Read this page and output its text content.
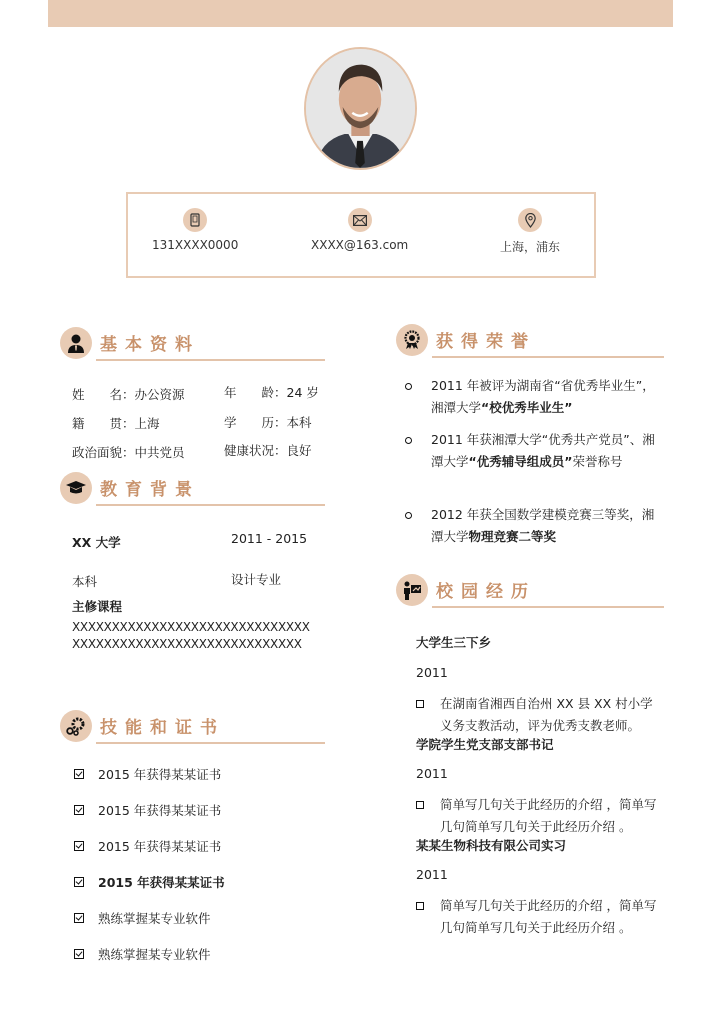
131XXXX0000	XXXX@163.com	上海，浦东
基本资料
姓　　名：办公资源	年　　龄：24 岁
籍　　贯：上海	学　　历：本科
政治面貌：中共党员	健康状况：良好
教育背景
XX 大学	2011 - 2015
本科	设计专业
主修课程
XXXXXXXXXXXXXXXXXXXXXXXXXXXXXX
XXXXXXXXXXXXXXXXXXXXXXXXXXXXX
技能和证书
2015 年获得某某证书
2015 年获得某某证书
2015 年获得某某证书
2015 年获得某某证书
熟练掌握某专业软件
熟练掌握某专业软件
获得荣誉
2011 年被评为湖南省“省优秀毕业生”，湘潭大学“校优秀毕业生”
2011 年获湘潭大学“优秀共产党员”、湘潭大学“优秀辅导组成员”荣誉称号
2012 年获全国数学建模竞赛三等奖，湘潭大学物理竞赛二等奖
校园经历
大学生三下乡
2011
在湖南省湘西自治州 XX 县 XX 村小学义务支教活动，评为优秀支教老师。
学院学生党支部支部书记
2011
简单写几句关于此经历的介绍 ，简单写几句简单写几句关于此经历介绍 。
某某生物科技有限公司实习
2011
简单写几句关于此经历的介绍 ，简单写几句简单写几句关于此经历介绍 。
